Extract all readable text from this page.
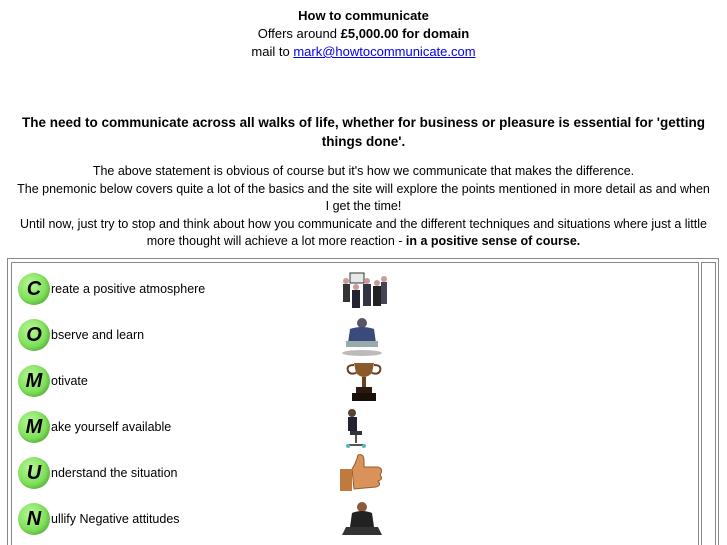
How to communicate
Offers around £5,000.00 for domain
mail to mark@howtocommunicate.com
The need to communicate across all walks of life, whether for business or pleasure is essential for 'getting things done'.
The above statement is obvious of course but it's how we communicate that makes the difference.
The pnemonic below covers quite a lot of the basics and the site will explore the points mentioned in more detail as and when I get the time!
Until now, just try to stop and think about how you communicate and the different techniques and situations where just a little more thought will achieve a lot more reaction - in a positive sense of course.
C reate a positive atmosphere
O bserve and learn
M otivate
M ake yourself available
U nderstand the situation
N ullify Negative attitudes
